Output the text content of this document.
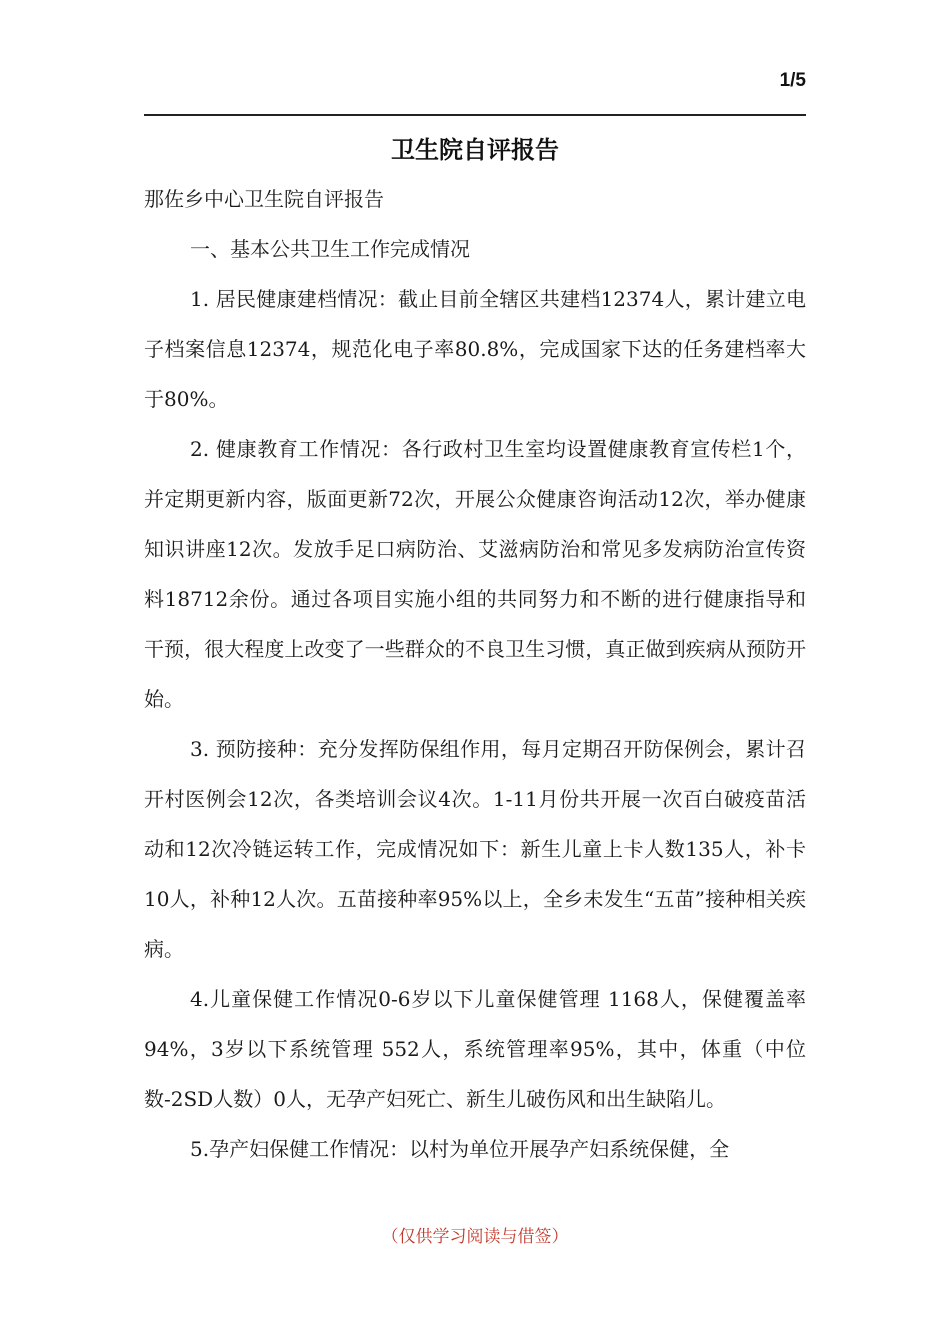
1/5
卫生院自评报告

那佐乡中心卫生院自评报告

一、基本公共卫生工作完成情况

1. 居民健康建档情况：截止目前全辖区共建档12374人，累计建立电子档案信息12374，规范化电子率80.8%，完成国家下达的任务建档率大于80%。

2. 健康教育工作情况：各行政村卫生室均设置健康教育宣传栏1个，并定期更新内容，版面更新72次，开展公众健康咨询活动12次，举办健康知识讲座12次。发放手足口病防治、艾滋病防治和常见多发病防治宣传资料18712余份。通过各项目实施小组的共同努力和不断的进行健康指导和干预，很大程度上改变了一些群众的不良卫生习惯，真正做到疾病从预防开始。

3. 预防接种：充分发挥防保组作用，每月定期召开防保例会，累计召开村医例会12次，各类培训会议4次。1-11月份共开展一次百白破疫苗活动和12次冷链运转工作，完成情况如下：新生儿童上卡人数135人，补卡10人，补种12人次。五苗接种率95%以上，全乡未发生“五苗”接种相关疾病。

4.儿童保健工作情况0-6岁以下儿童保健管理 1168人，保健覆盖率94%，3岁以下系统管理 552人，系统管理率95%，其中，体重（中位数-2SD人数）0人，无孕产妇死亡、新生儿破伤风和出生缺陷儿。

5.孕产妇保健工作情况：以村为单位开展孕产妇系统保健，全

（仅供学习阅读与借签）
